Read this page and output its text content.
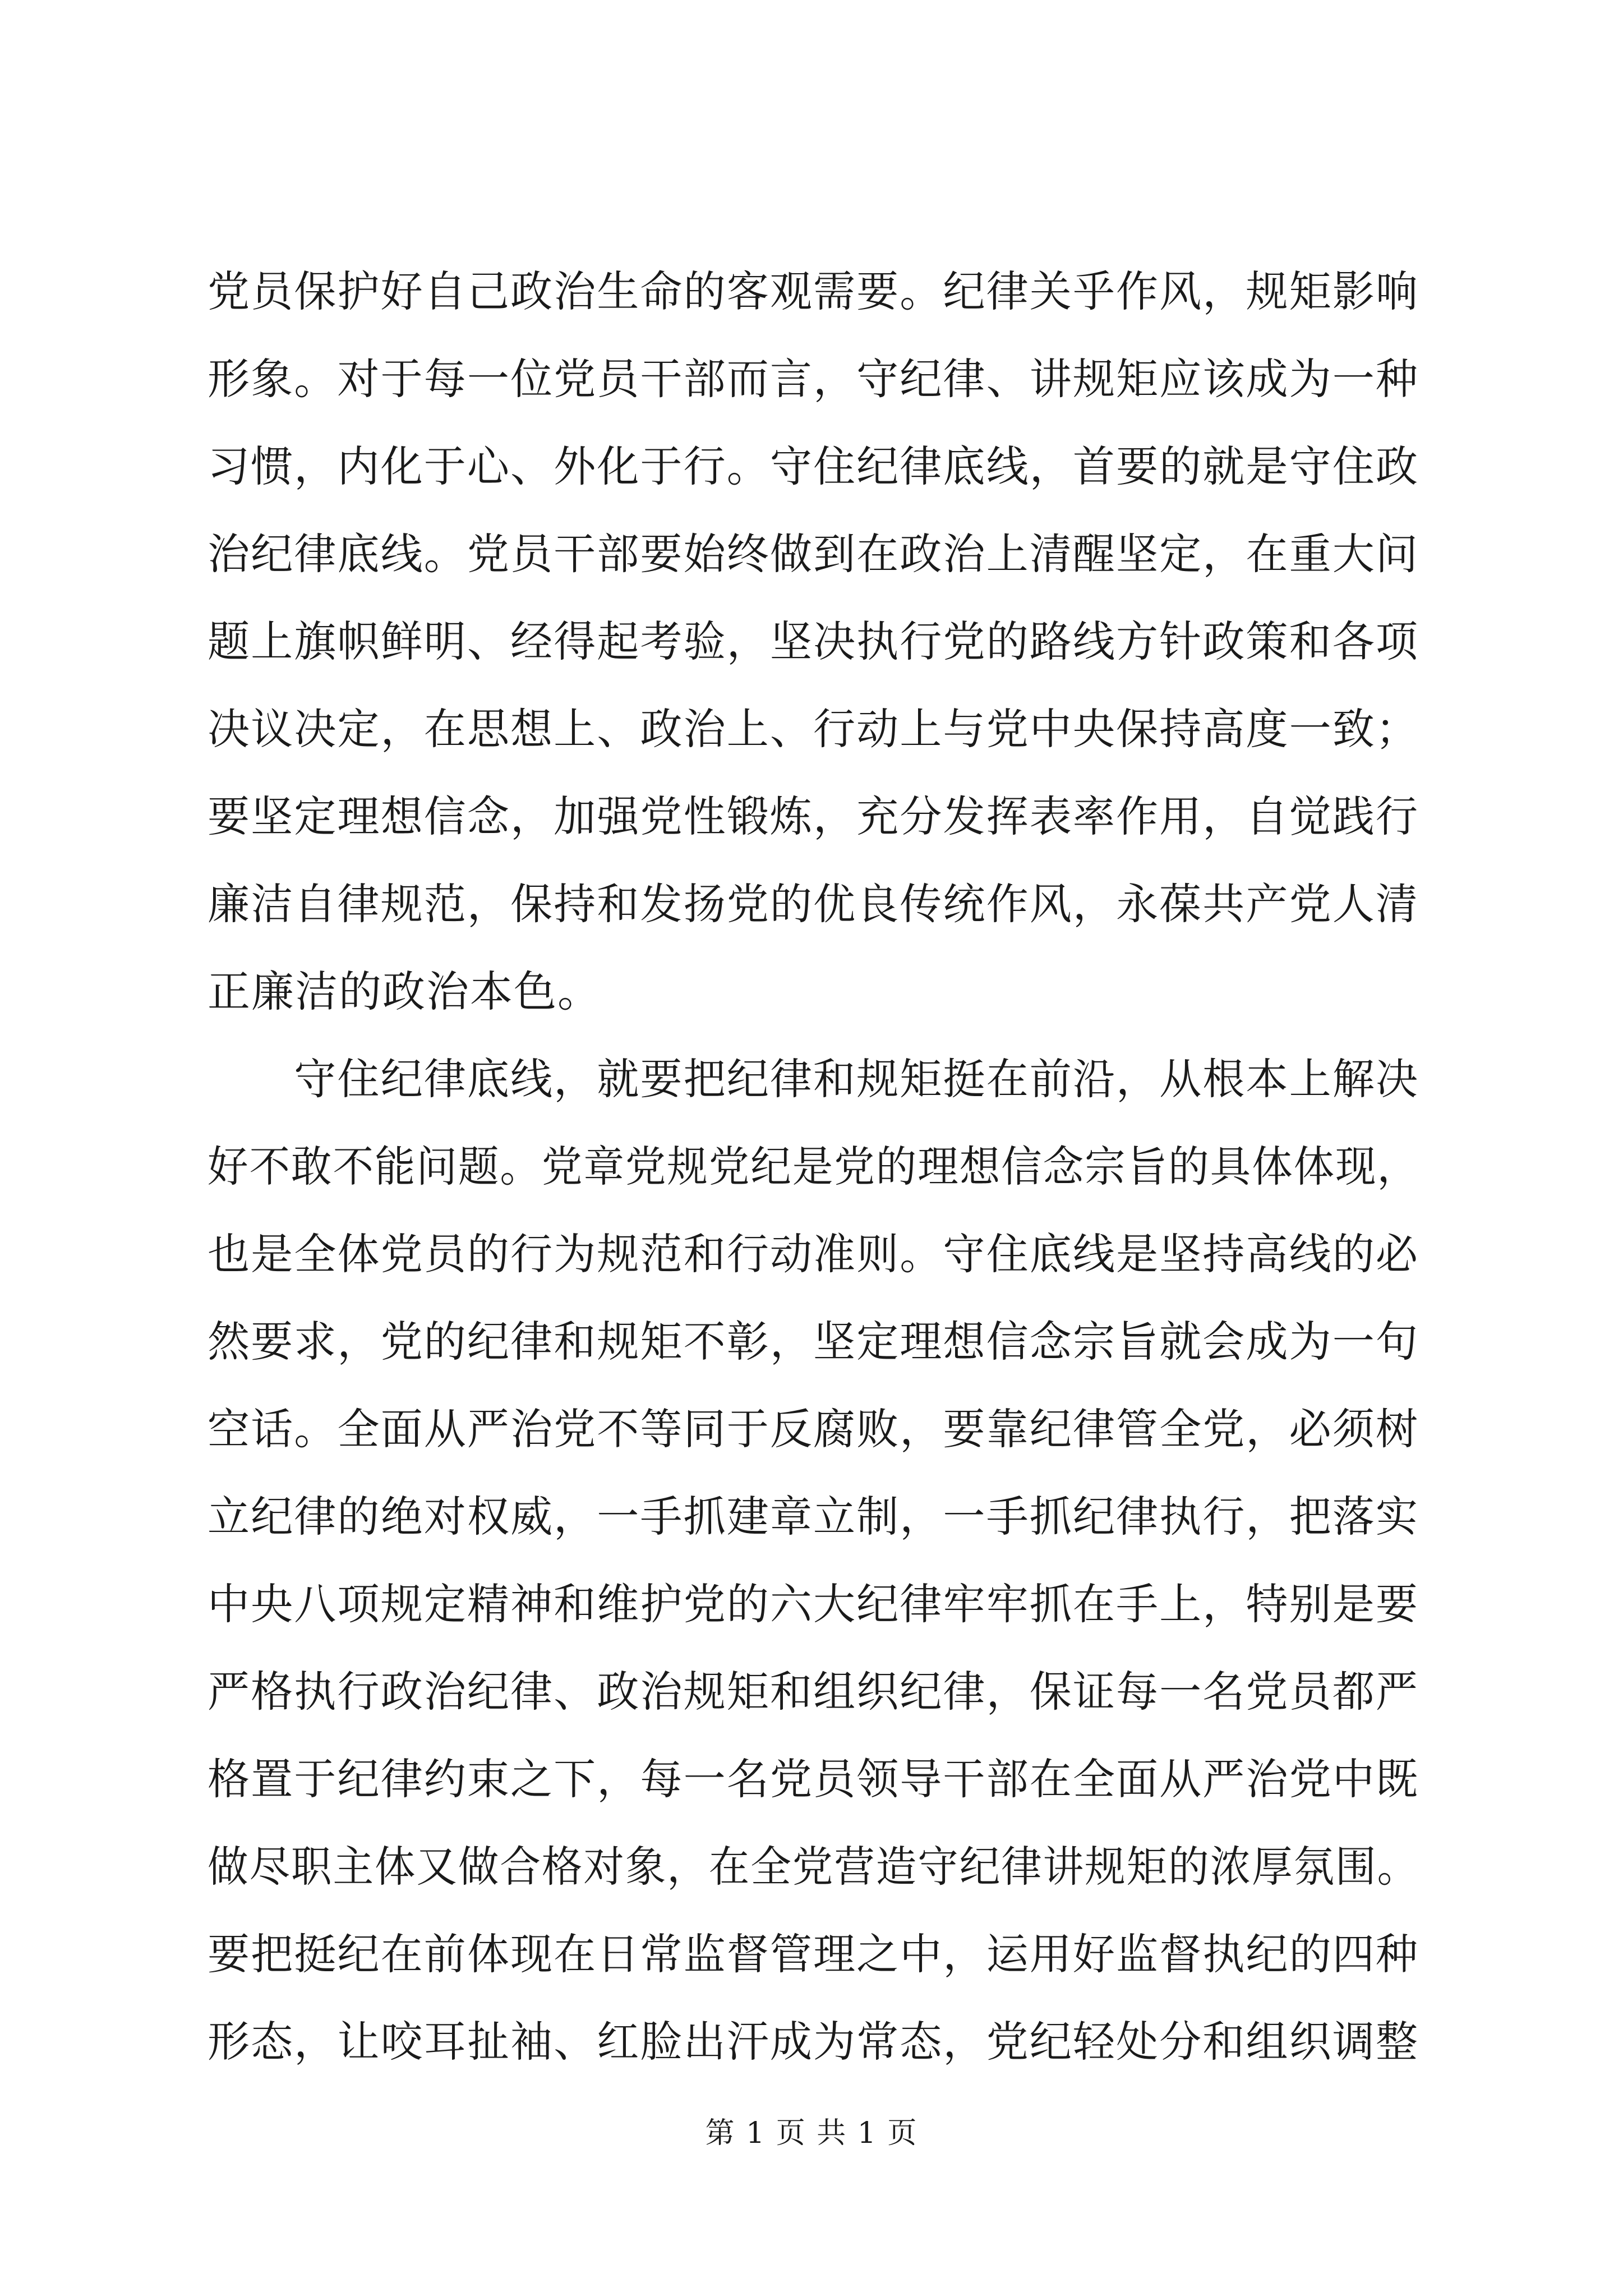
党员保护好自己政治生命的客观需要。纪律关乎作风，规矩影响
形象。对于每一位党员干部而言，守纪律、讲规矩应该成为一种
习惯，内化于心、外化于行。守住纪律底线，首要的就是守住政
治纪律底线。党员干部要始终做到在政治上清醒坚定，在重大问
题上旗帜鲜明、经得起考验，坚决执行党的路线方针政策和各项
决议决定，在思想上、政治上、行动上与党中央保持高度一致；
要坚定理想信念，加强党性锻炼，充分发挥表率作用，自觉践行
廉洁自律规范，保持和发扬党的优良传统作风，永葆共产党人清
正廉洁的政治本色。
　　守住纪律底线，就要把纪律和规矩挺在前沿，从根本上解决
好不敢不能问题。党章党规党纪是党的理想信念宗旨的具体体现，
也是全体党员的行为规范和行动准则。守住底线是坚持高线的必
然要求，党的纪律和规矩不彰，坚定理想信念宗旨就会成为一句
空话。全面从严治党不等同于反腐败，要靠纪律管全党，必须树
立纪律的绝对权威，一手抓建章立制，一手抓纪律执行，把落实
中央八项规定精神和维护党的六大纪律牢牢抓在手上，特别是要
严格执行政治纪律、政治规矩和组织纪律，保证每一名党员都严
格置于纪律约束之下，每一名党员领导干部在全面从严治党中既
做尽职主体又做合格对象，在全党营造守纪律讲规矩的浓厚氛围。
要把挺纪在前体现在日常监督管理之中，运用好监督执纪的四种
形态，让咬耳扯袖、红脸出汗成为常态，党纪轻处分和组织调整
第 1 页 共 1 页
